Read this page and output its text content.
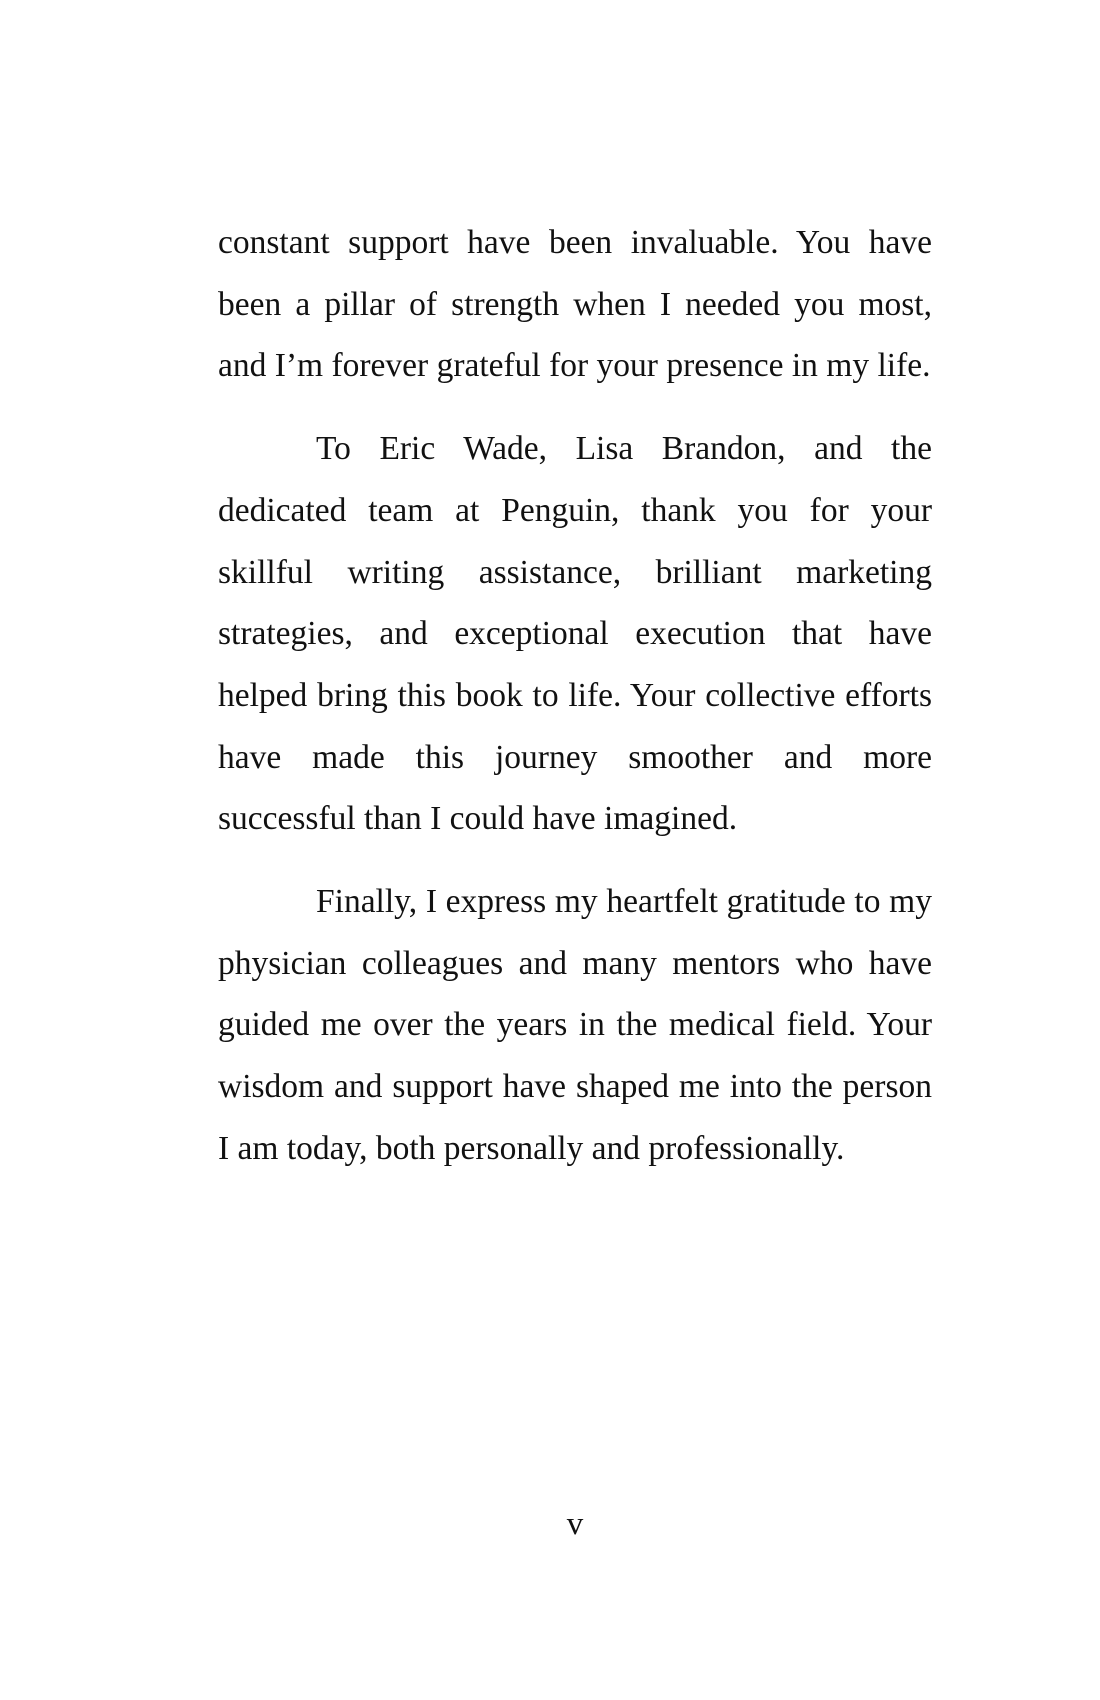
constant support have been invaluable. You have been a pillar of strength when I needed you most, and I’m forever grateful for your presence in my life.

To Eric Wade, Lisa Brandon, and the dedicated team at Penguin, thank you for your skillful writing assistance, brilliant marketing strategies, and exceptional execution that have helped bring this book to life. Your collective efforts have made this journey smoother and more successful than I could have imagined.

Finally, I express my heartfelt gratitude to my physician colleagues and many mentors who have guided me over the years in the medical field. Your wisdom and support have shaped me into the person I am today, both personally and professionally.

v
